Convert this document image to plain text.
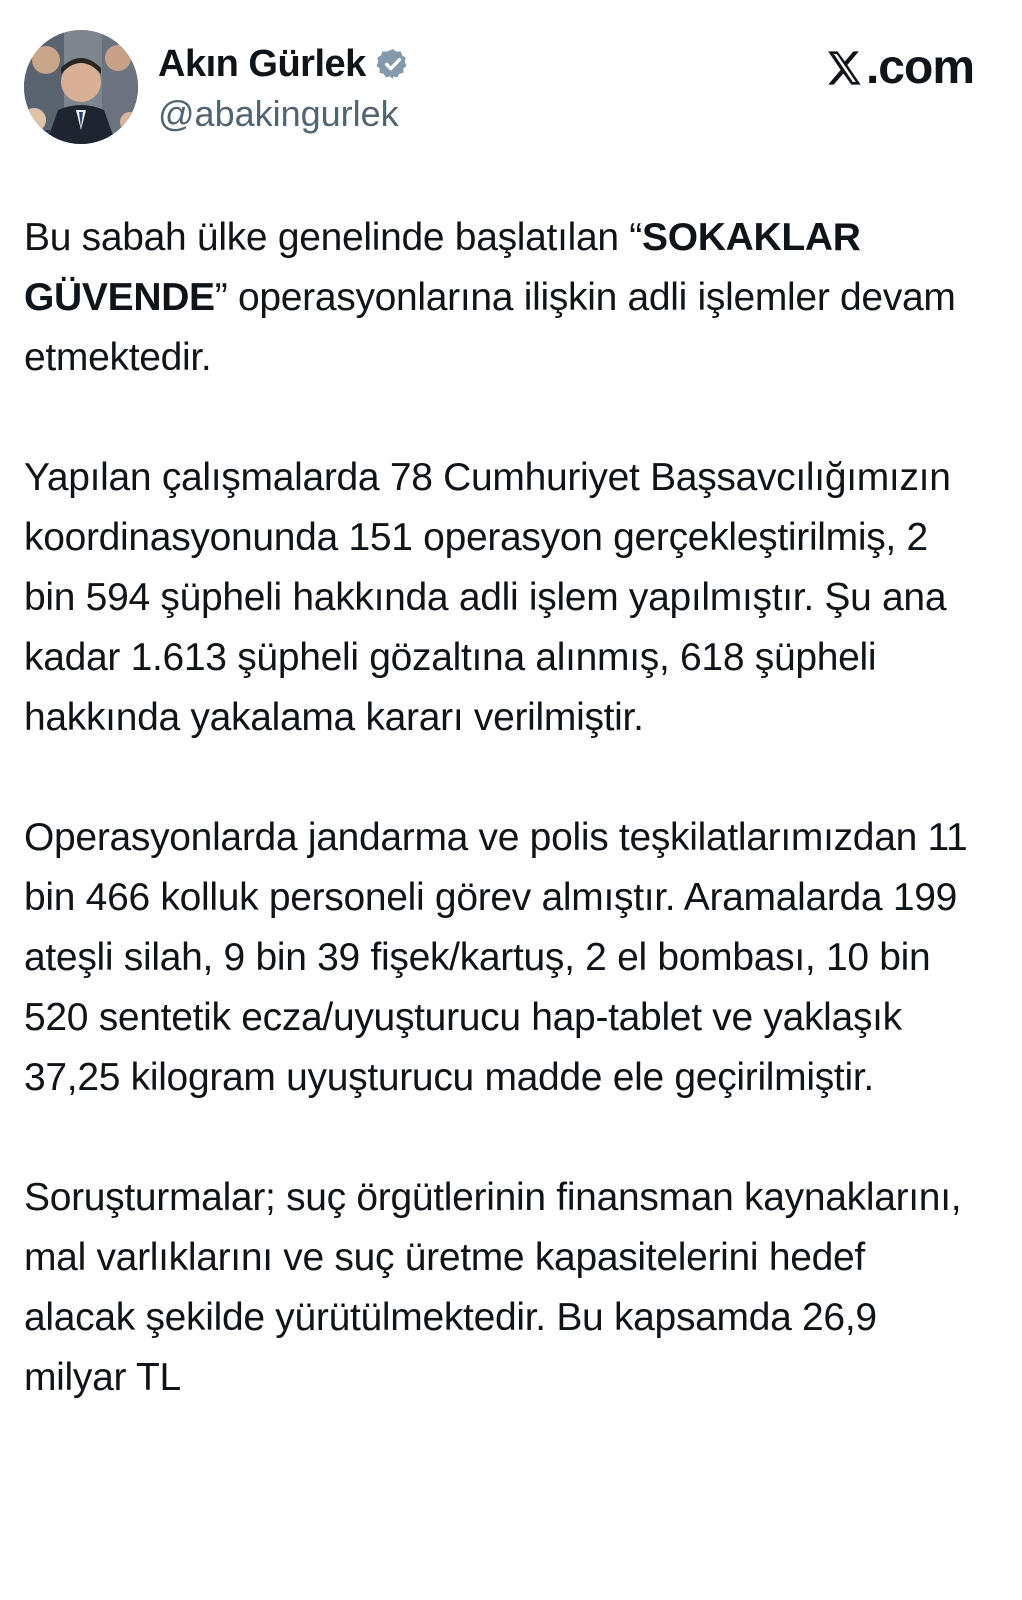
Akın Gürlek
@abakingurlek
.com

Bu sabah ülke genelinde başlatılan “SOKAKLAR GÜVENDE” operasyonlarına ilişkin adli işlemler devam etmektedir.

Yapılan çalışmalarda 78 Cumhuriyet Başsavcılığımızın koordinasyonunda 151 operasyon gerçekleştirilmiş, 2 bin 594 şüpheli hakkında adli işlem yapılmıştır. Şu ana kadar 1.613 şüpheli gözaltına alınmış, 618 şüpheli hakkında yakalama kararı verilmiştir.

Operasyonlarda jandarma ve polis teşkilatlarımızdan 11 bin 466 kolluk personeli görev almıştır. Aramalarda 199 ateşli silah, 9 bin 39 fişek/kartuş, 2 el bombası, 10 bin 520 sentetik ecza/uyuşturucu hap-tablet ve yaklaşık 37,25 kilogram uyuşturucu madde ele geçirilmiştir.

Soruşturmalar; suç örgütlerinin finansman kaynaklarını, mal varlıklarını ve suç üretme kapasitelerini hedef alacak şekilde yürütülmektedir. Bu kapsamda 26,9 milyar TL
